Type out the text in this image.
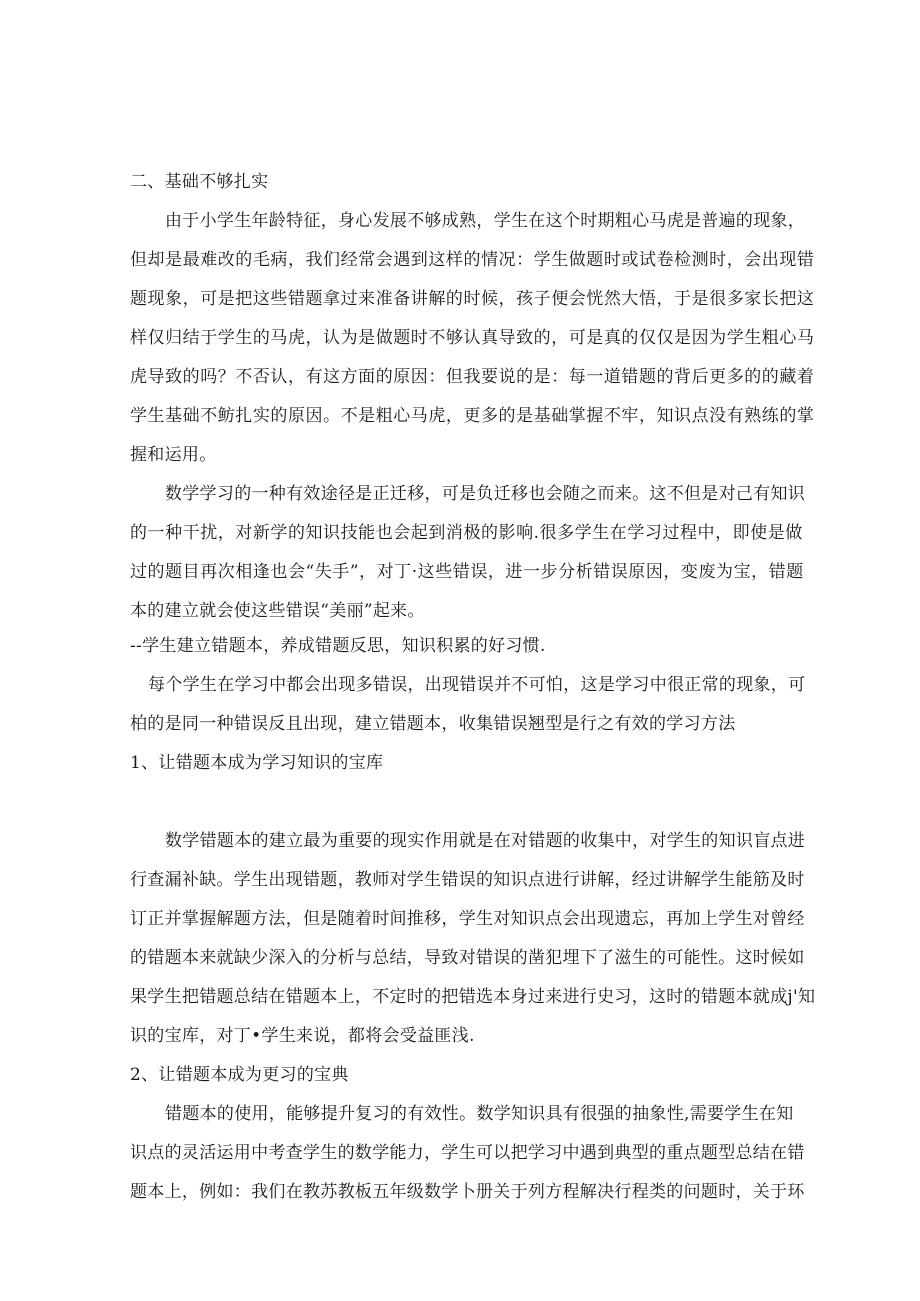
二、基础不够扎实
由于小学生年龄特征，身心发展不够成熟，学生在这个时期粗心马虎是普遍的现象，
但却是最难改的毛病，我们经常会遇到这样的情况：学生做题时或试卷检测时，会出现错
题现象，可是把这些错题拿过来准备讲解的时候，孩子便会恍然大悟，于是很多家长把这
样仅归结于学生的马虎，认为是做题时不够认真导致的，可是真的仅仅是因为学生粗心马
虎导致的吗？不否认，有这方面的原因：但我要说的是：每一道错题的背后更多的的藏着
学生基础不鲂扎实的原因。不是粗心马虎，更多的是基础掌握不牢，知识点没有熟练的掌
握和运用。
数学学习的一种有效途径是正迁移，可是负迁移也会随之而来。这不但是对己有知识
的一种干扰，对新学的知识技能也会起到消极的影响.很多学生在学习过程中，即使是做
过的题目再次相逢也会“失手”，对丁·这些错误，进一步分析错误原因，变废为宝，错题
本的建立就会使这些错误“美丽”起来。
--学生建立错题本，养成错题反思，知识积累的好习惯.
每个学生在学习中都会出现多错误，出现错误并不可怕，这是学习中很正常的现象，可
柏的是同一种错误反且出现，建立错题本，收集错误翘型是行之有效的学习方法
1、让错题本成为学习知识的宝库
数学错题本的建立最为重要的现实作用就是在对错题的收集中，对学生的知识盲点进
行查漏补缺。学生出现错题，教师对学生错误的知识点进行讲解，经过讲解学生能筋及时
订正并掌握解题方法，但是随着时间推移，学生对知识点会出现遗忘，再加上学生对曾经
的错题本来就缺少深入的分析与总结，导致对错误的凿犯埋下了滋生的可能性。这时候如
果学生把错题总结在错题本上，不定时的把错选本身过来进行史习，这时的错题本就成j'知
识的宝库，对丁•学生来说，都将会受益匪浅.
2、让错题本成为更习的宝典
错题本的使用，能够提升复习的有效性。数学知识具有很强的抽象性,需要学生在知
识点的灵活运用中考查学生的数学能力，学生可以把学习中遇到典型的重点题型总结在错
题本上，例如：我们在教苏教板五年级数学卜册关于列方程解决行程类的问题时，关于环
